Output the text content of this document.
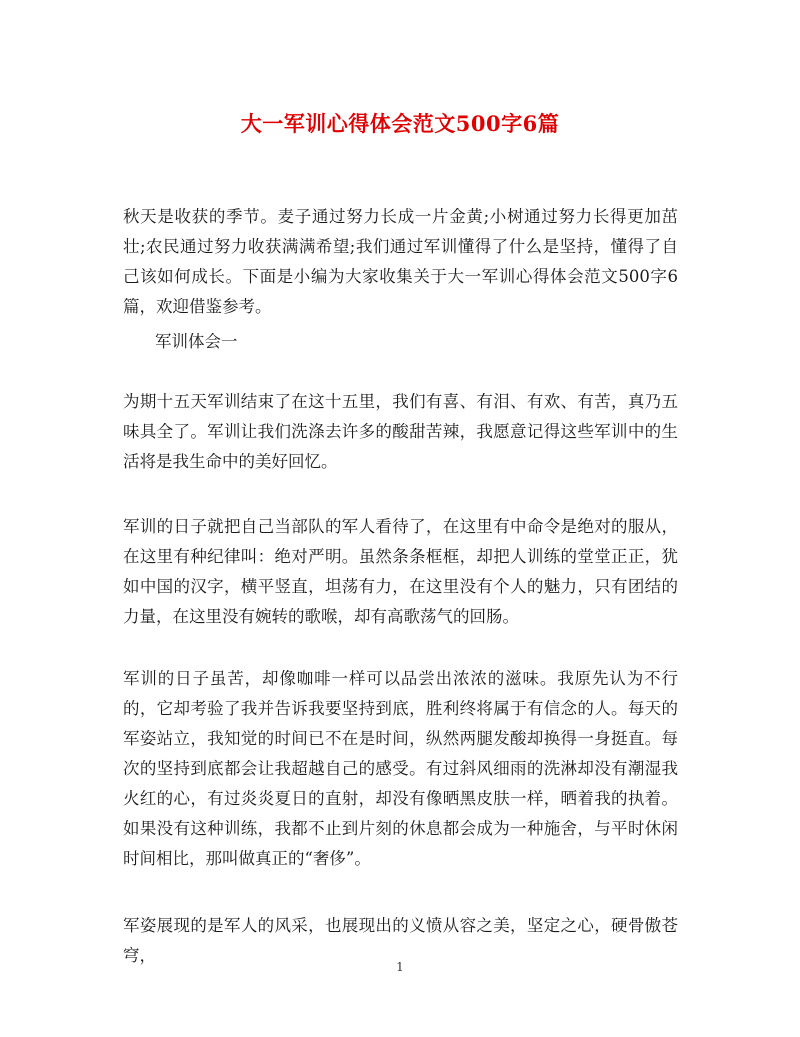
大一军训心得体会范文500字6篇

秋天是收获的季节。麦子通过努力长成一片金黄;小树通过努力长得更加茁壮;农民通过努力收获满满希望;我们通过军训懂得了什么是坚持，懂得了自己该如何成长。下面是小编为大家收集关于大一军训心得体会范文500字6篇，欢迎借鉴参考。

军训体会一

为期十五天军训结束了在这十五里，我们有喜、有泪、有欢、有苦，真乃五味具全了。军训让我们洗涤去许多的酸甜苦辣，我愿意记得这些军训中的生活将是我生命中的美好回忆。

军训的日子就把自己当部队的军人看待了，在这里有中命令是绝对的服从，在这里有种纪律叫：绝对严明。虽然条条框框，却把人训练的堂堂正正，犹如中国的汉字，横平竖直，坦荡有力，在这里没有个人的魅力，只有团结的力量，在这里没有婉转的歌喉，却有高歌荡气的回肠。

军训的日子虽苦，却像咖啡一样可以品尝出浓浓的滋味。我原先认为不行的，它却考验了我并告诉我要坚持到底，胜利终将属于有信念的人。每天的军姿站立，我知觉的时间已不在是时间，纵然两腿发酸却换得一身挺直。每次的坚持到底都会让我超越自己的感受。有过斜风细雨的洗淋却没有潮湿我火红的心，有过炎炎夏日的直射，却没有像晒黑皮肤一样，晒着我的执着。如果没有这种训练，我都不止到片刻的休息都会成为一种施舍，与平时休闲时间相比，那叫做真正的“奢侈”。

军姿展现的是军人的风采，也展现出的义愤从容之美，坚定之心，硬骨傲苍穹，

1
